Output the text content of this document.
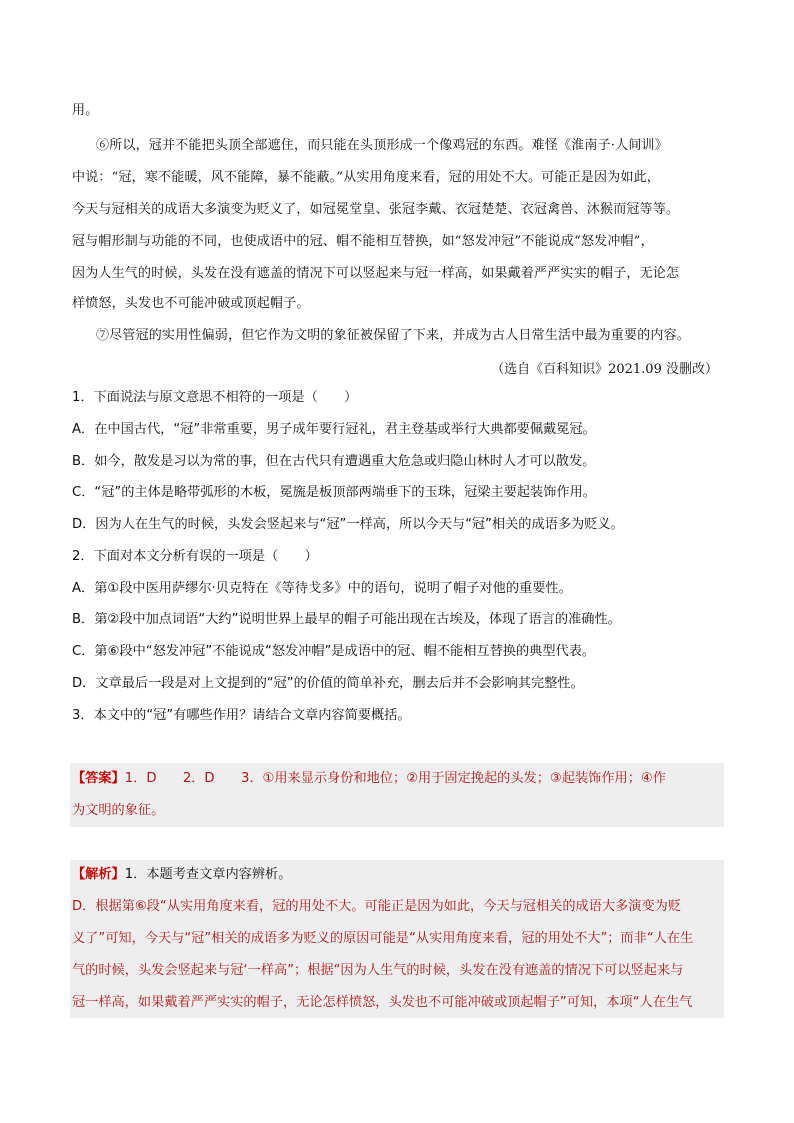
用。
⑥所以，冠并不能把头顶全部遮住，而只能在头顶形成一个像鸡冠的东西。难怪《淮南子·人间训》
中说：“冠，寒不能暖，风不能障，暴不能蔽。”从实用角度来看，冠的用处不大。可能正是因为如此，
今天与冠相关的成语大多演变为贬义了，如冠冕堂皇、张冠李戴、衣冠楚楚、衣冠禽兽、沐猴而冠等等。
冠与帽形制与功能的不同，也使成语中的冠、帽不能相互替换，如“怒发冲冠”不能说成“怒发冲帽”，
因为人生气的时候，头发在没有遮盖的情况下可以竖起来与冠一样高，如果戴着严严实实的帽子，无论怎
样愤怒，头发也不可能冲破或顶起帽子。
⑦尽管冠的实用性偏弱，但它作为文明的象征被保留了下来，并成为古人日常生活中最为重要的内容。
（选自《百科知识》2021.09 没删改）
1．下面说法与原文意思不相符的一项是（　　）
A．在中国古代，“冠”非常重要，男子成年要行冠礼，君主登基或举行大典都要佩戴冕冠。
B．如今，散发是习以为常的事，但在古代只有遭遇重大危急或归隐山林时人才可以散发。
C．“冠”的主体是略带弧形的木板，冕旒是板顶部两端垂下的玉珠，冠梁主要起装饰作用。
D．因为人在生气的时候，头发会竖起来与“冠”一样高，所以今天与“冠”相关的成语多为贬义。
2．下面对本文分析有误的一项是（　　）
A．第①段中医用萨缪尔·贝克特在《等待戈多》中的语句，说明了帽子对他的重要性。
B．第②段中加点词语“大约”说明世界上最早的帽子可能出现在古埃及，体现了语言的准确性。
C．第⑥段中“怒发冲冠”不能说成“怒发冲帽”是成语中的冠、帽不能相互替换的典型代表。
D．文章最后一段是对上文提到的“冠”的价值的简单补充，删去后并不会影响其完整性。
3．本文中的“冠”有哪些作用？请结合文章内容简要概括。
【答案】1．D　　2．D　　3．①用来显示身份和地位；②用于固定挽起的头发；③起装饰作用；④作
为文明的象征。
【解析】1．本题考查文章内容辨析。
D．根据第⑥段“从实用角度来看，冠的用处不大。可能正是因为如此，今天与冠相关的成语大多演变为贬
义了”可知，今天与“冠”相关的成语多为贬义的原因可能是“从实用角度来看，冠的用处不大”；而非“人在生
气的时候，头发会竖起来与冠‘一样高”；根据“因为人生气的时候，头发在没有遮盖的情况下可以竖起来与
冠一样高，如果戴着严严实实的帽子，无论怎样愤怒，头发也不可能冲破或顶起帽子”可知，本项“人在生气
